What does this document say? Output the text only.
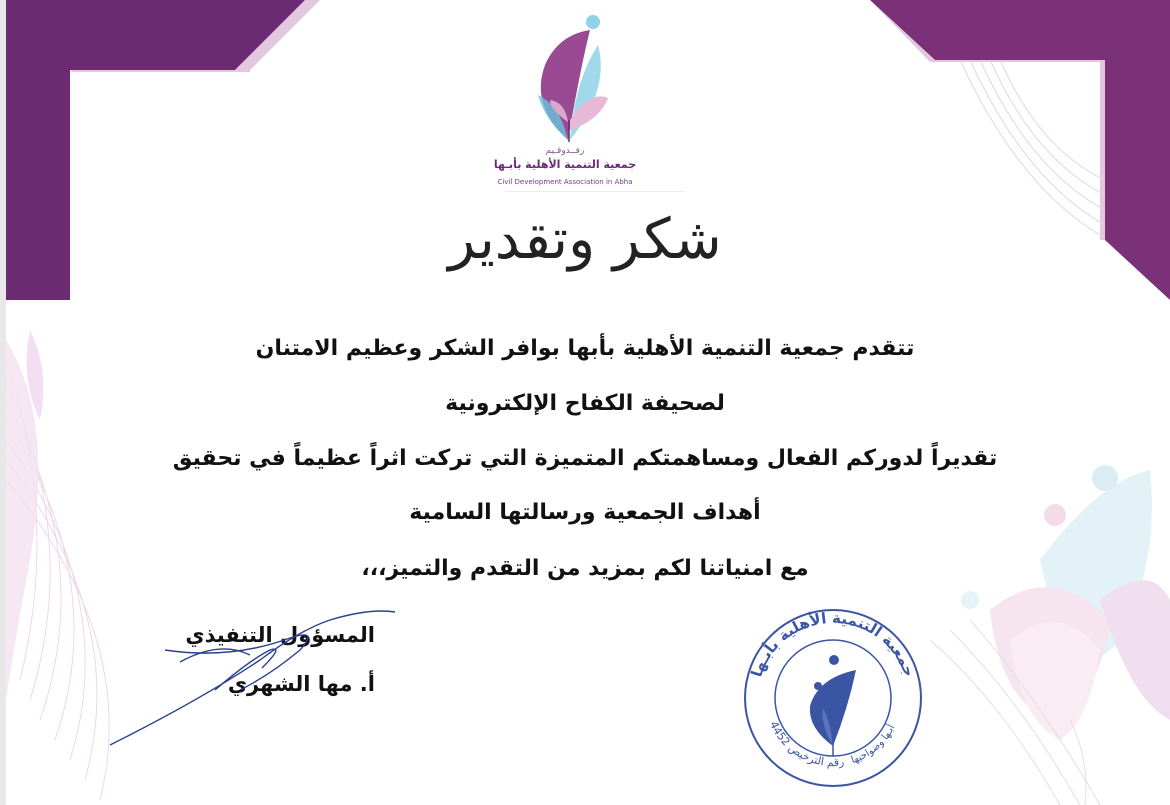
رفــدوقـيم
جمعية التنمية الأهلية بأبـها
Civil Development Association in Abha
شكر وتقدير
تتقدم جمعية التنمية الأهلية بأبها بوافر الشكر وعظيم الامتنان
لصحيفة الكفاح الإلكترونية
تقديراً لدوركم الفعال ومساهمتكم المتميزة التي تركت اثراً عظيماً في تحقيق
أهداف الجمعية ورسالتها السامية
مع امنياتنا لكم بمزيد من التقدم والتميز،،،
المسؤول التنفيذي
أ. مها الشهري	جمعية التنمية الأهلية بأبـها
رقم الترخيص 4452 أبـها وضواحيها
